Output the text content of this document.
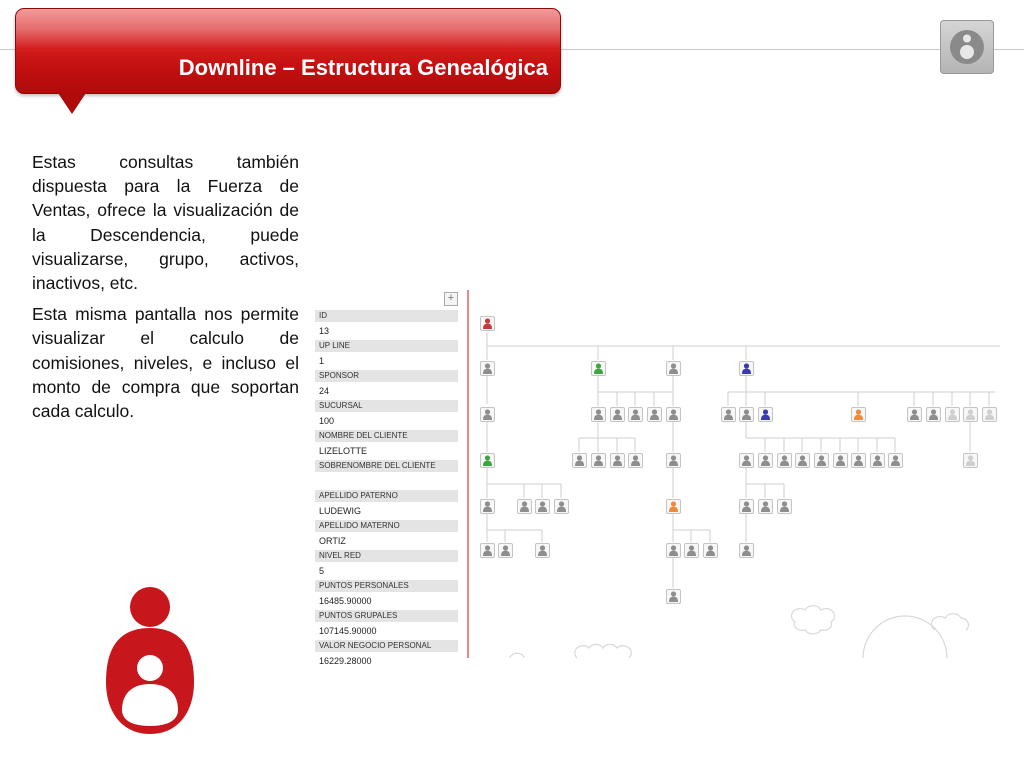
Downline – Estructura Genealógica

Estas consultas también dispuesta para la Fuerza de Ventas, ofrece la visualización de la Descendencia, puede visualizarse, grupo, activos, inactivos, etc.

Esta misma pantalla nos permite visualizar el calculo de comisiones, niveles, e incluso el monto de compra que soportan cada calculo.

+
ID
13
UP LINE
1
SPONSOR
24
SUCURSAL
100
NOMBRE DEL CLIENTE
LIZELOTTE
SOBRENOMBRE DEL CLIENTE
APELLIDO PATERNO
LUDEWIG
APELLIDO MATERNO
ORTIZ
NIVEL RED
5
PUNTOS PERSONALES
16485.90000
PUNTOS GRUPALES
107145.90000
VALOR NEGOCIO PERSONAL
16229.28000
